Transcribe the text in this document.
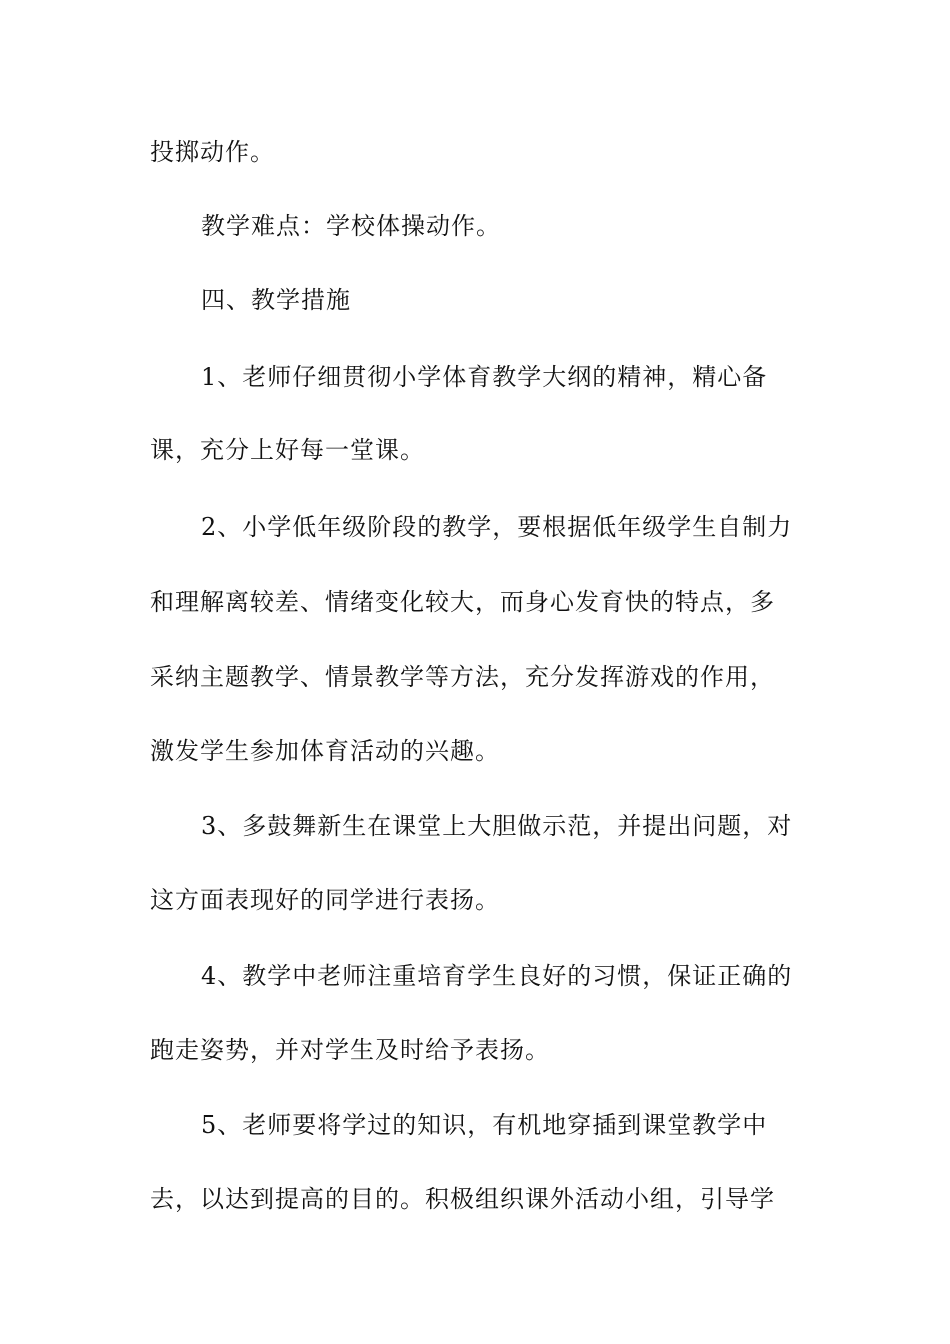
投掷动作。
教学难点：学校体操动作。
四、教学措施
1、老师仔细贯彻小学体育教学大纲的精神，精心备
课，充分上好每一堂课。
2、小学低年级阶段的教学，要根据低年级学生自制力
和理解离较差、情绪变化较大，而身心发育快的特点，多
采纳主题教学、情景教学等方法，充分发挥游戏的作用，
激发学生参加体育活动的兴趣。
3、多鼓舞新生在课堂上大胆做示范，并提出问题，对
这方面表现好的同学进行表扬。
4、教学中老师注重培育学生良好的习惯，保证正确的
跑走姿势，并对学生及时给予表扬。
5、老师要将学过的知识，有机地穿插到课堂教学中
去，以达到提高的目的。积极组织课外活动小组，引导学
